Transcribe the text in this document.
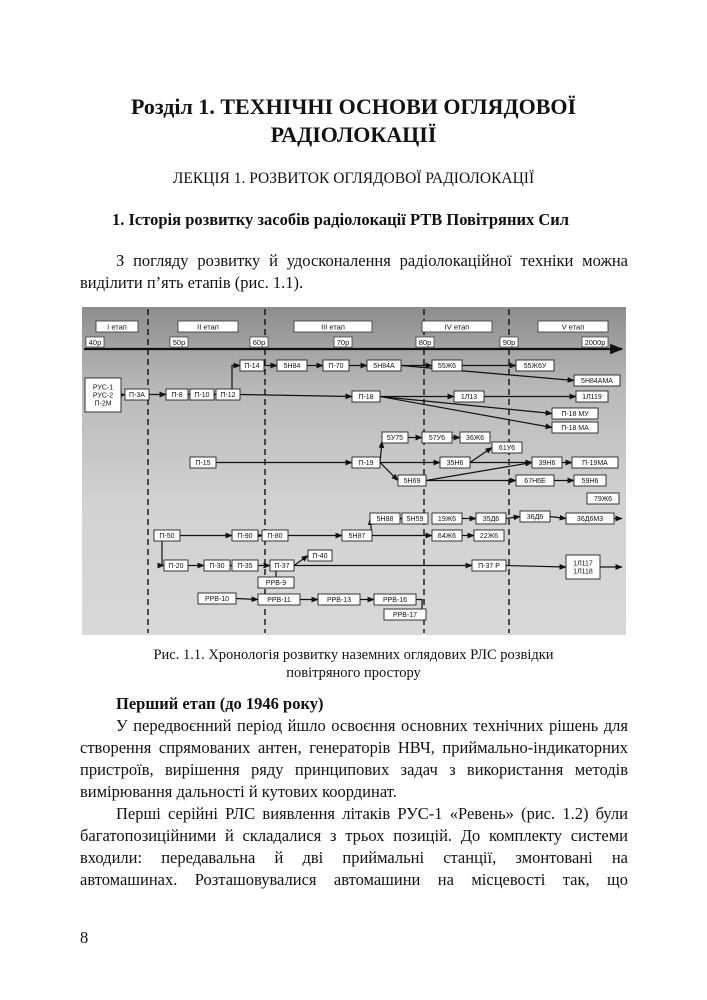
Розділ 1. ТЕХНІЧНІ ОСНОВИ ОГЛЯДОВОЇ
РАДІОЛОКАЦІЇ
ЛЕКЦІЯ 1. РОЗВИТОК ОГЛЯДОВОЇ РАДІОЛОКАЦІЇ
1. Історія розвитку засобів радіолокації РТВ Повітряних Сил
З погляду розвитку й удосконалення радіолокаційної техніки можна
виділити п’ять етапів (рис. 1.1).
РУС-1
РУС-2
П-2М
П-3А	П-8 П-10 П-12
П-14	5Н84	П-70	5Н84А	55Ж6	55Ж6У
5Н84АМА
П-18	1Л13	1Л119
П-18 МУ
П-18 МА
5У75	57У6	36Ж6
61У6
П-15	П-19	35Н6	39Н6	П-19МА
5Н69	67Н6Е	59Н6
79Ж6
5Н88 5Н59 19Ж6	35Д6	36Д6	36Д6М3
П-50	П-90 П-80	5Н87	64Ж6	22Ж6
П-20	П-30 П-35	П-37
П-40
П-37 Р	1Л117
1Л118
РРВ-9
РРВ-10	РРВ-11	РРВ-13	РРВ-16
РРВ-17
І етап	ІІ етап	ІІІ етап	ІV етап	V етап
40р	50р	60р	70р	80р	90р	2000р
Рис. 1.1. Хронологія розвитку наземних оглядових РЛС розвідки
повітряного простору
Перший етап (до 1946 року)
У передвоєнний період йшло освоєння основних технічних рішень для
створення спрямованих антен, генераторів НВЧ, приймально-індикаторних
пристроїв, вирішення ряду принципових задач з використання методів
вимірювання дальності й кутових координат.
Перші серійні РЛС виявлення літаків РУС-1 «Ревень» (рис. 1.2) були
багатопозиційними й складалися з трьох позицій. До комплекту системи
входили: передавальна й дві приймальні станції, змонтовані на
автомашинах. Розташовувалися автомашини на місцевості так, що
8
